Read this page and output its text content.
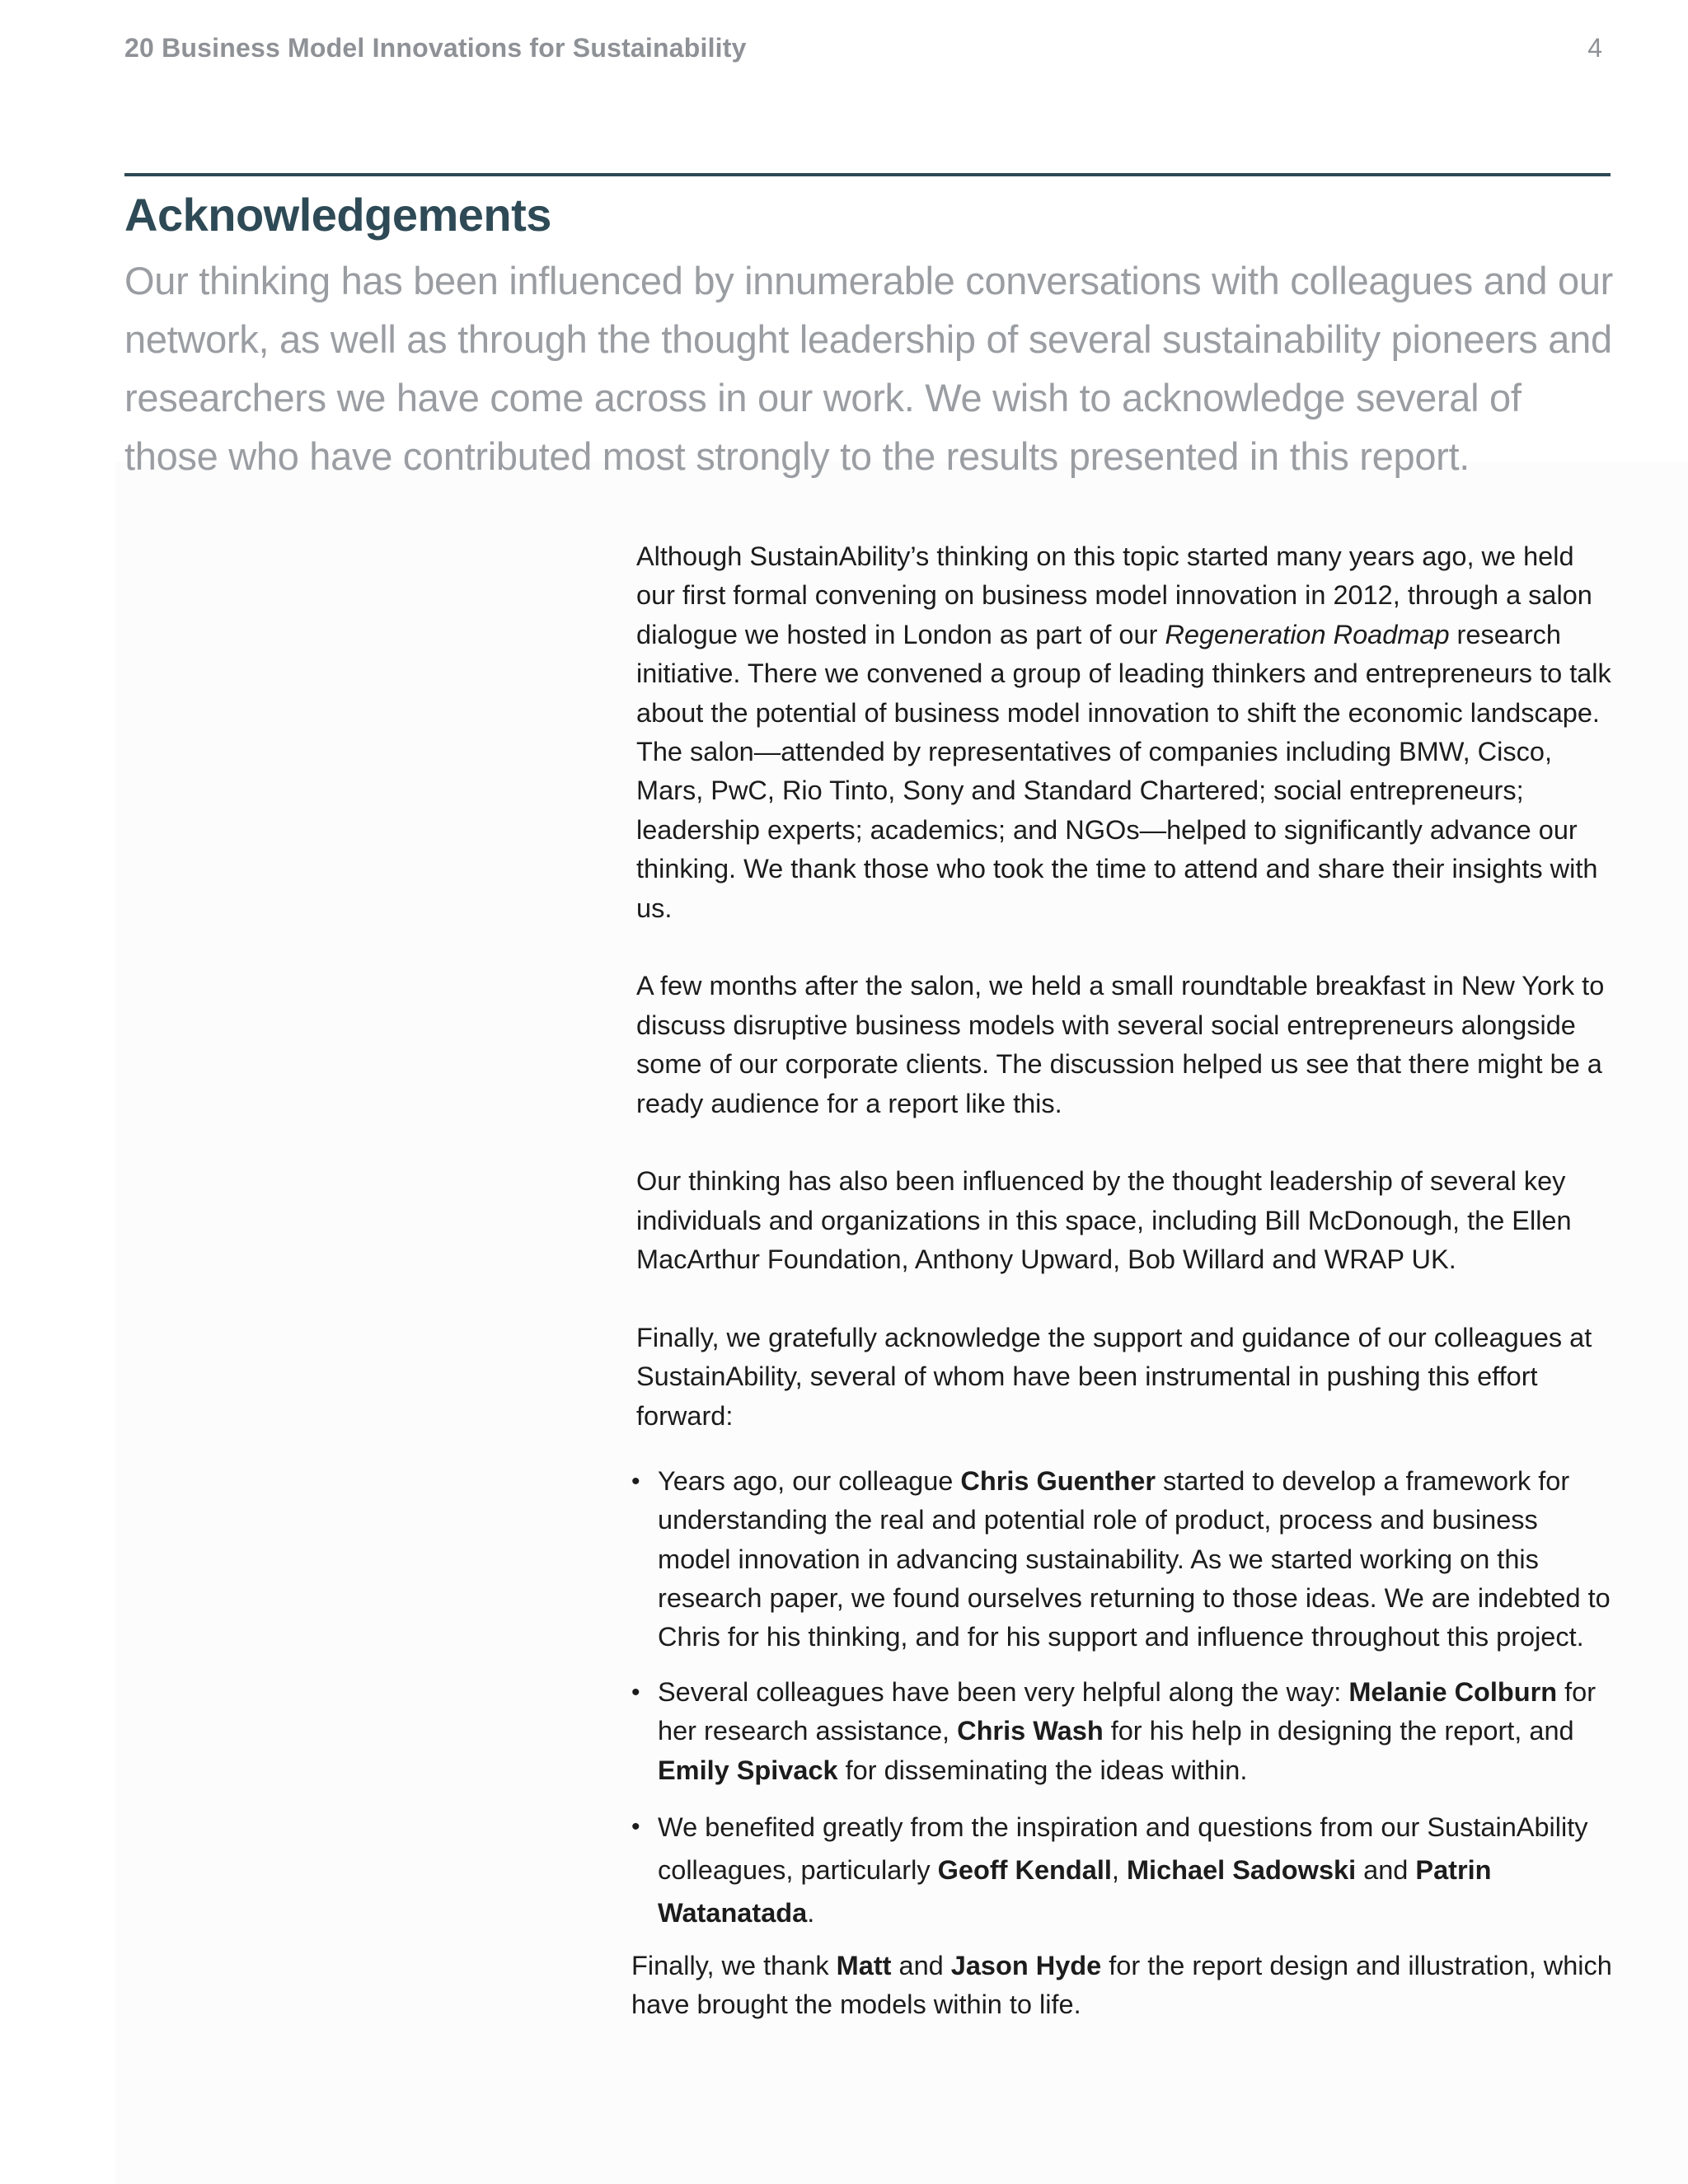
20 Business Model Innovations for Sustainability	4
Acknowledgements

Our thinking has been influenced by innumerable conversations with colleagues and our network, as well as through the thought leadership of several sustainability pioneers and researchers we have come across in our work. We wish to acknowledge several of those who have contributed most strongly to the results presented in this report.

Although SustainAbility’s thinking on this topic started many years ago, we held our first formal convening on business model innovation in 2012, through a salon dialogue we hosted in London as part of our Regeneration Roadmap research initiative. There we convened a group of leading thinkers and entrepreneurs to talk about the potential of business model innovation to shift the economic landscape. The salon—attended by representatives of companies including BMW, Cisco, Mars, PwC, Rio Tinto, Sony and Standard Chartered; social entrepreneurs; leadership experts; academics; and NGOs—helped to significantly advance our thinking. We thank those who took the time to attend and share their insights with us.

A few months after the salon, we held a small roundtable breakfast in New York to discuss disruptive business models with several social entrepreneurs alongside some of our corporate clients. The discussion helped us see that there might be a ready audience for a report like this.

Our thinking has also been influenced by the thought leadership of several key individuals and organizations in this space, including Bill McDonough, the Ellen MacArthur Foundation, Anthony Upward, Bob Willard and WRAP UK.

Finally, we gratefully acknowledge the support and guidance of our colleagues at SustainAbility, several of whom have been instrumental in pushing this effort forward:

• Years ago, our colleague Chris Guenther started to develop a framework for understanding the real and potential role of product, process and business model innovation in advancing sustainability. As we started working on this research paper, we found ourselves returning to those ideas. We are indebted to Chris for his thinking, and for his support and influence throughout this project.
• Several colleagues have been very helpful along the way: Melanie Colburn for her research assistance, Chris Wash for his help in designing the report, and Emily Spivack for disseminating the ideas within.
• We benefited greatly from the inspiration and questions from our SustainAbility colleagues, particularly Geoff Kendall, Michael Sadowski and Patrin Watanatada.

Finally, we thank Matt and Jason Hyde for the report design and illustration, which have brought the models within to life.
